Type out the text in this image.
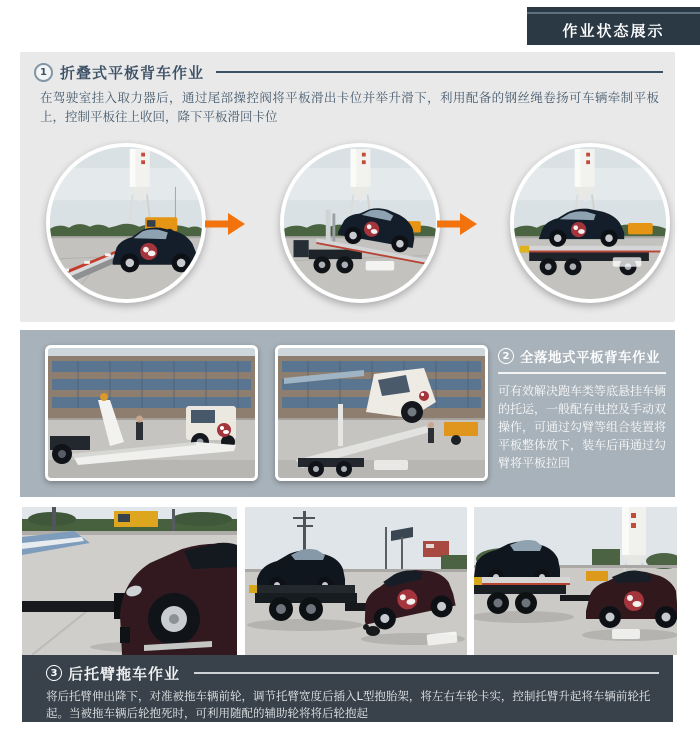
作业状态展示
1 折叠式平板背车作业
在驾驶室挂入取力器后，通过尾部操控阀将平板滑出卡位并举升滑下，利用配备的钢丝绳卷扬可车辆牵制平板上，控制平板往上收回，降下平板滑回卡位
2 全落地式平板背车作业
可有效解决跑车类等底悬挂车辆的托运，一般配有电控及手动双操作，可通过勾臂等组合装置将平板整体放下，装车后再通过勾臂将平板拉回
3 后托臂拖车作业
将后托臂伸出降下，对准被拖车辆前轮，调节托臂宽度后插入L型抱胎架，将左右车轮卡实，控制托臂升起将车辆前轮托起。当被拖车辆后轮抱死时，可利用随配的辅助轮将将后轮抱起
